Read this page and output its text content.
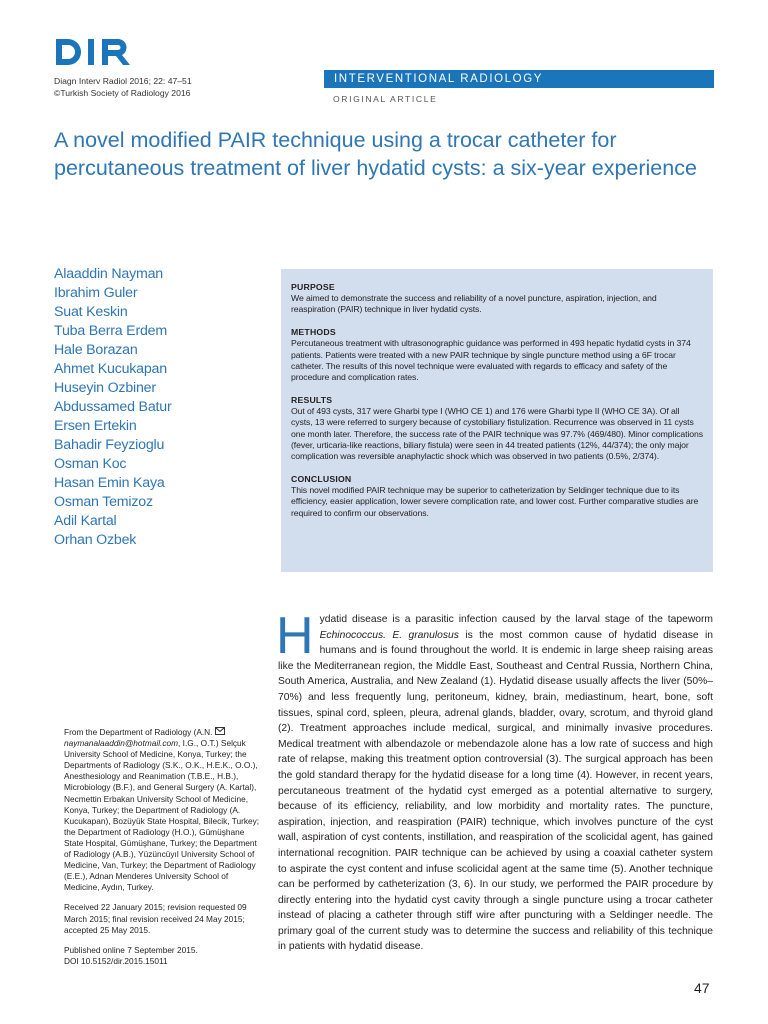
Diagn Interv Radiol 2016; 22: 47–51
©Turkish Society of Radiology 2016
INTERVENTIONAL RADIOLOGY
ORIGINAL ARTICLE
A novel modified PAIR technique using a trocar catheter for percutaneous treatment of liver hydatid cysts: a six-year experience
Alaaddin Nayman
Ibrahim Guler
Suat Keskin
Tuba Berra Erdem
Hale Borazan
Ahmet Kucukapan
Huseyin Ozbiner
Abdussamed Batur
Ersen Ertekin
Bahadir Feyzioglu
Osman Koc
Hasan Emin Kaya
Osman Temizoz
Adil Kartal
Orhan Ozbek
PURPOSE

We aimed to demonstrate the success and reliability of a novel puncture, aspiration, injection, and reaspiration (PAIR) technique in liver hydatid cysts.

METHODS

Percutaneous treatment with ultrasonographic guidance was performed in 493 hepatic hydatid cysts in 374 patients. Patients were treated with a new PAIR technique by single puncture method using a 6F trocar catheter. The results of this novel technique were evaluated with regards to efficacy and safety of the procedure and complication rates.

RESULTS

Out of 493 cysts, 317 were Gharbi type I (WHO CE 1) and 176 were Gharbi type II (WHO CE 3A). Of all cysts, 13 were referred to surgery because of cystobiliary fistulization. Recurrence was observed in 11 cysts one month later. Therefore, the success rate of the PAIR technique was 97.7% (469/480). Minor complications (fever, urticaria-like reactions, biliary fistula) were seen in 44 treated patients (12%, 44/374); the only major complication was reversible anaphylactic shock which was observed in two patients (0.5%, 2/374).

CONCLUSION

This novel modified PAIR technique may be superior to catheterization by Seldinger technique due to its efficiency, easier application, lower severe complication rate, and lower cost. Further comparative studies are required to confirm our observations.

From the Department of Radiology (A.N.
naymanalaaddin@hotmail.com, I.G., O.T.) Selçuk University School of Medicine, Konya, Turkey; the Departments of Radiology (S.K., O.K., H.E.K., O.O.), Anesthesiology and Reanimation (T.B.E., H.B.), Microbiology (B.F.), and General Surgery (A. Kartal), Necmettin Erbakan University School of Medicine, Konya, Turkey; the Department of Radiology (A. Kucukapan), Bozüyük State Hospital, Bilecik, Turkey; the Department of Radiology (H.O.), Gümüşhane State Hospital, Gümüşhane, Turkey; the Department of Radiology (A.B.), Yüzüncüyıl University School of Medicine, Van, Turkey; the Department of Radiology (E.E.), Adnan Menderes University School of Medicine, Aydın, Turkey.

Received 22 January 2015; revision requested 09 March 2015; final revision received 24 May 2015; accepted 25 May 2015.

Published online 7 September 2015.
DOI 10.5152/dir.2015.15011

Hydatid disease is a parasitic infection caused by the larval stage of the tapeworm Echinococcus. E. granulosus is the most common cause of hydatid disease in humans and is found throughout the world. It is endemic in large sheep raising areas like the Mediterranean region, the Middle East, Southeast and Central Russia, Northern China, South America, Australia, and New Zealand (1). Hydatid disease usually affects the liver (50%–70%) and less frequently lung, peritoneum, kidney, brain, mediastinum, heart, bone, soft tissues, spinal cord, spleen, pleura, adrenal glands, bladder, ovary, scrotum, and thyroid gland (2). Treatment approaches include medical, surgical, and minimally invasive procedures. Medical treatment with albendazole or mebendazole alone has a low rate of success and high rate of relapse, making this treatment option controversial (3). The surgical approach has been the gold standard therapy for the hydatid disease for a long time (4). However, in recent years, percutaneous treatment of the hydatid cyst emerged as a potential alternative to surgery, because of its efficiency, reliability, and low morbidity and mortality rates. The puncture, aspiration, injection, and reaspiration (PAIR) technique, which involves puncture of the cyst wall, aspiration of cyst contents, instillation, and reaspiration of the scolicidal agent, has gained international recognition. PAIR technique can be achieved by using a coaxial catheter system to aspirate the cyst content and infuse scolicidal agent at the same time (5). Another technique can be performed by catheterization (3, 6). In our study, we performed the PAIR procedure by directly entering into the hydatid cyst cavity through a single puncture using a trocar catheter instead of placing a catheter through stiff wire after puncturing with a Seldinger needle. The primary goal of the current study was to determine the success and reliability of this technique in patients with hydatid disease.

47
